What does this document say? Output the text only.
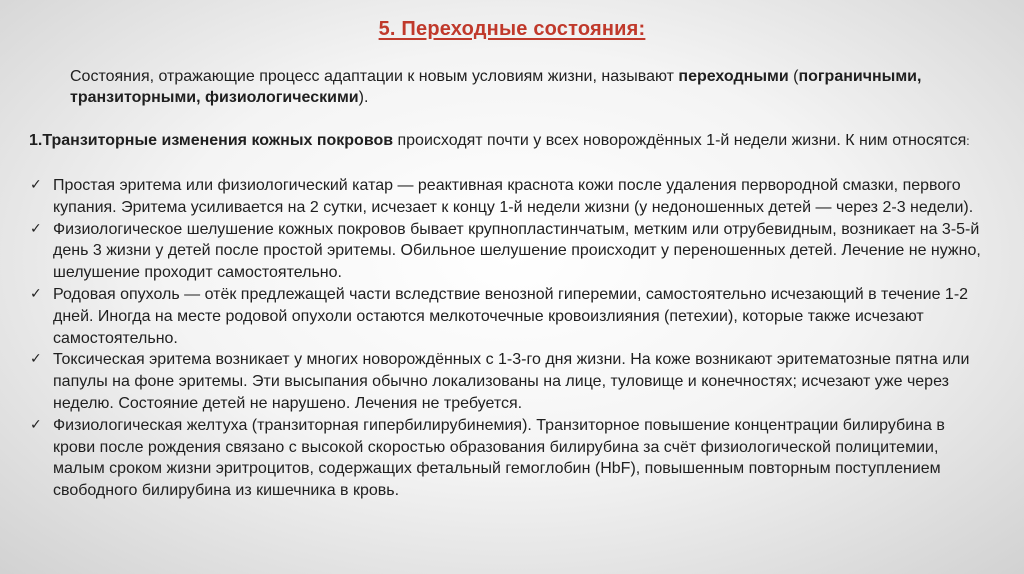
5. Переходные состояния:
Состояния, отражающие процесс адаптации к новым условиям жизни, называют переходными (пограничными, транзиторными, физиологическими).
1.Транзиторные изменения кожных покровов происходят почти у всех новорождённых 1-й недели жизни. К ним относятся:
✓ Простая эритема или физиологический катар — реактивная краснота кожи после удаления первородной смазки, первого купания. Эритема усиливается на 2 сутки, исчезает к концу 1-й недели жизни (у недоношенных детей — через 2-3 недели).
✓ Физиологическое шелушение кожных покровов бывает крупнопластинчатым, метким или отрубевидным, возникает на 3-5-й день 3 жизни у детей после простой эритемы. Обильное шелушение происходит у переношенных детей. Лечение не нужно, шелушение проходит самостоятельно.
✓ Родовая опухоль — отёк предлежащей части вследствие венозной гиперемии, самостоятельно исчезающий в течение 1-2 дней. Иногда на месте родовой опухоли остаются мелкоточечные кровоизлияния (петехии), которые также исчезают самостоятельно.
✓ Токсическая эритема возникает у многих новорождённых с 1-3-го дня жизни. На коже возникают эритематозные пятна или папулы на фоне эритемы. Эти высыпания обычно локализованы на лице, туловище и конечностях; исчезают уже через неделю. Состояние детей не нарушено. Лечения не требуется.
✓ Физиологическая желтуха (транзиторная гипербилирубинемия). Транзиторное повышение концентрации билирубина в крови после рождения связано с высокой скоростью образования билирубина за счёт физиологической полицитемии, малым сроком жизни эритроцитов, содержащих фетальный гемоглобин (HbF), повышенным повторным поступлением свободного билирубина из кишечника в кровь.
